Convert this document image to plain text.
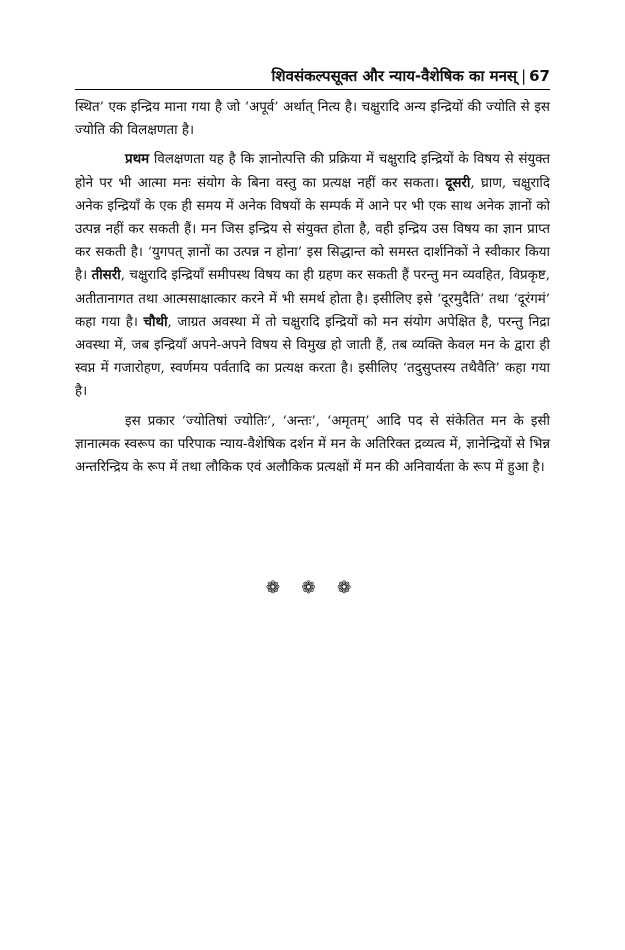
शिवसंकल्पसूक्त और न्याय-वैशेषिक का मनस् | 67

स्थित’ एक इन्द्रिय माना गया है जो ‘अपूर्व’ अर्थात् नित्य है। चक्षुरादि अन्य इन्द्रियों की ज्योति से इस ज्योति की विलक्षणता है।

प्रथम विलक्षणता यह है कि ज्ञानोत्पत्ति की प्रक्रिया में चक्षुरादि इन्द्रियों के विषय से संयुक्त होने पर भी आत्मा मनः संयोग के बिना वस्तु का प्रत्यक्ष नहीं कर सकता। दूसरी, घ्राण, चक्षुरादि अनेक इन्द्रियाँ के एक ही समय में अनेक विषयों के सम्पर्क में आने पर भी एक साथ अनेक ज्ञानों को उत्पन्न नहीं कर सकती हैं। मन जिस इन्द्रिय से संयुक्त होता है, वही इन्द्रिय उस विषय का ज्ञान प्राप्त कर सकती है। ‘युगपत् ज्ञानों का उत्पन्न न होना’ इस सिद्धान्त को समस्त दार्शनिकों ने स्वीकार किया है। तीसरी, चक्षुरादि इन्द्रियाँ समीपस्थ विषय का ही ग्रहण कर सकती हैं परन्तु मन व्यवहित, विप्रकृष्ट, अतीतानागत तथा आत्मसाक्षात्कार करने में भी समर्थ होता है। इसीलिए इसे ‘दूरमुदैति’ तथा ‘दूरंगमं’ कहा गया है। चौथी, जाग्रत अवस्था में तो चक्षुरादि इन्द्रियों को मन संयोग अपेक्षित है, परन्तु निद्रा अवस्था में, जब इन्द्रियाँ अपने-अपने विषय से विमुख हो जाती हैं, तब व्यक्ति केवल मन के द्वारा ही स्वप्न में गजारोहण, स्वर्णमय पर्वतादि का प्रत्यक्ष करता है। इसीलिए ‘तदुसुप्तस्य तथैवैति’ कहा गया है।

इस प्रकार ‘ज्योतिषां ज्योतिः’, ‘अन्तः’, ‘अमृतम्’ आदि पद से संकेतित मन के इसी ज्ञानात्मक स्वरूप का परिपाक न्याय-वैशेषिक दर्शन में मन के अतिरिक्त द्रव्यत्व में, ज्ञानेन्द्रियों से भिन्न अन्तरिन्द्रिय के रूप में तथा लौकिक एवं अलौकिक प्रत्यक्षों में मन की अनिवार्यता के रूप में हुआ है।

❁ ❁ ❁
